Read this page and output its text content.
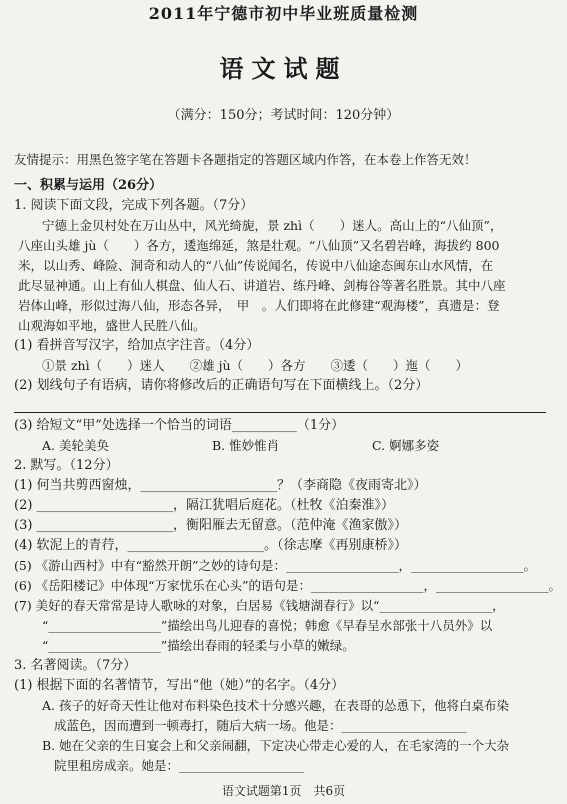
2011年宁德市初中毕业班质量检测
语文试题
（满分：150分；考试时间：120分钟）
友情提示：用黑色签字笔在答题卡各题指定的答题区域内作答，在本卷上作答无效！
一、积累与运用（26分）
1. 阅读下面文段，完成下列各题。（7分）
宁德上金贝村处在万山丛中，风光绮旎，景 zhì（　　）迷人。高山上的“八仙顶”，
八座山头雄 jù（　　）各方，逶迤绵延，煞是壮观。“八仙顶”又名碧岩峰，海拔约 800
米，以山秀、峰险、洞奇和动人的“八仙”传说闻名，传说中八仙途态闽东山水风情，在
此尽显神通。山上有仙人棋盘、仙人石、讲道岩、练丹峰、剑梅谷等著名胜景。其中八座
岩体山峰，形似过海八仙，形态各异，　甲　。人们即将在此修建“观海楼”，真遗是：登
山观海如平地，盛世人民胜八仙。
(1) 看拼音写汉字，给加点字注音。（4分）
①景 zhì（　　）迷人　　②雄 jù（　　）各方　　③逶（　　）迤（　　）
(2) 划线句子有语病，请你将修改后的正确语句写在下面横线上。（2分）
(3) 给短文“甲”处选择一个恰当的词语__________（1分）
A. 美轮美奂	B. 惟妙惟肖	C. 婀娜多姿
2. 默写。（12分）
(1) 何当共剪西窗烛，_____________________？（李商隐《夜雨寄北》）
(2) _____________________，隔江犹唱后庭花。（杜牧《泊秦淮》）
(3) _____________________，衡阳雁去无留意。（范仲淹《渔家傲》）
(4) 软泥上的青荇，_____________________。（徐志摩《再别康桥》）
(5) 《游山西村》中有“豁然开朗”之妙的诗句是：__________________，__________________。
(6) 《岳阳楼记》中体现“万家忧乐在心头”的语句是：__________________，__________________。
(7) 美好的春天常常是诗人歌咏的对象，白居易《钱塘湖春行》以“__________________，
“__________________”描绘出鸟儿迎春的喜悦；韩愈《早春呈水部张十八员外》以
“__________________”描绘出春雨的轻柔与小草的嫩绿。
3. 名著阅读。（7分）
(1) 根据下面的名著情节，写出“他（她）”的名字。（4分）
A. 孩子的好奇天性让他对布料染色技术十分感兴趣，在表哥的怂恿下，他将白桌布染
成蓝色，因而遭到一顿毒打，随后大病一场。他是：____________________
B. 她在父亲的生日宴会上和父亲闹翻，下定决心带走心爱的人，在毛家湾的一个大杂
院里租房成亲。她是：____________________
语文试题第1页　共6页
